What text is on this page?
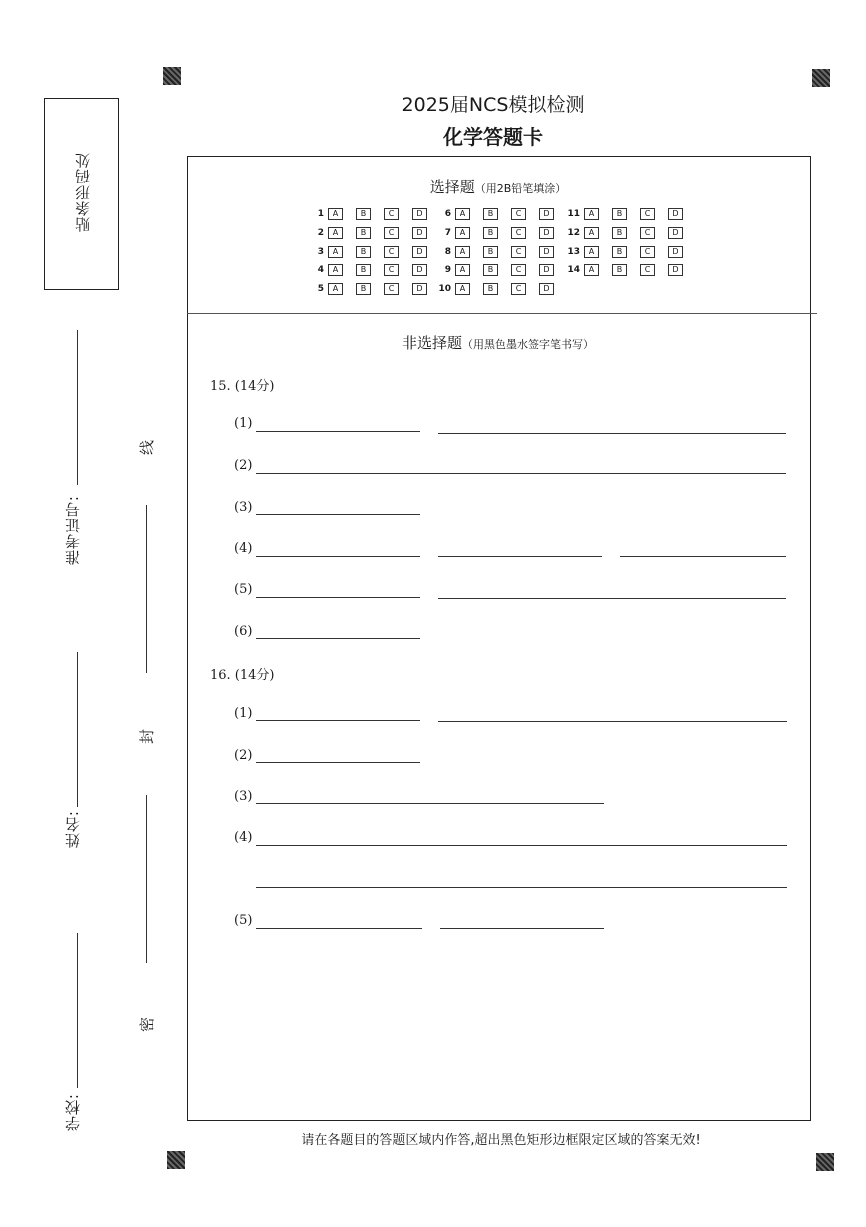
贴条形码处
准考证号:
姓名:
学校:
线
封
密
2025届NCS模拟检测
化学答题卡
选择题（用2B铅笔填涂）
1	A	B	C	D
2	A	B	C	D
3	A	B	C	D
4	A	B	C	D
5	A	B	C	D
6	A	B	C	D
7	A	B	C	D
8	A	B	C	D
9	A	B	C	D
10	A	B	C	D
11	A	B	C	D
12	A	B	C	D
13	A	B	C	D
14	A	B	C	D
非选择题（用黑色墨水签字笔书写）
15. (14分)
(1)
(2)
(3)
(4)
(5)
(6)
16. (14分)
(1)
(2)
(3)
(4)
(5)
请在各题目的答题区域内作答,超出黑色矩形边框限定区域的答案无效!
